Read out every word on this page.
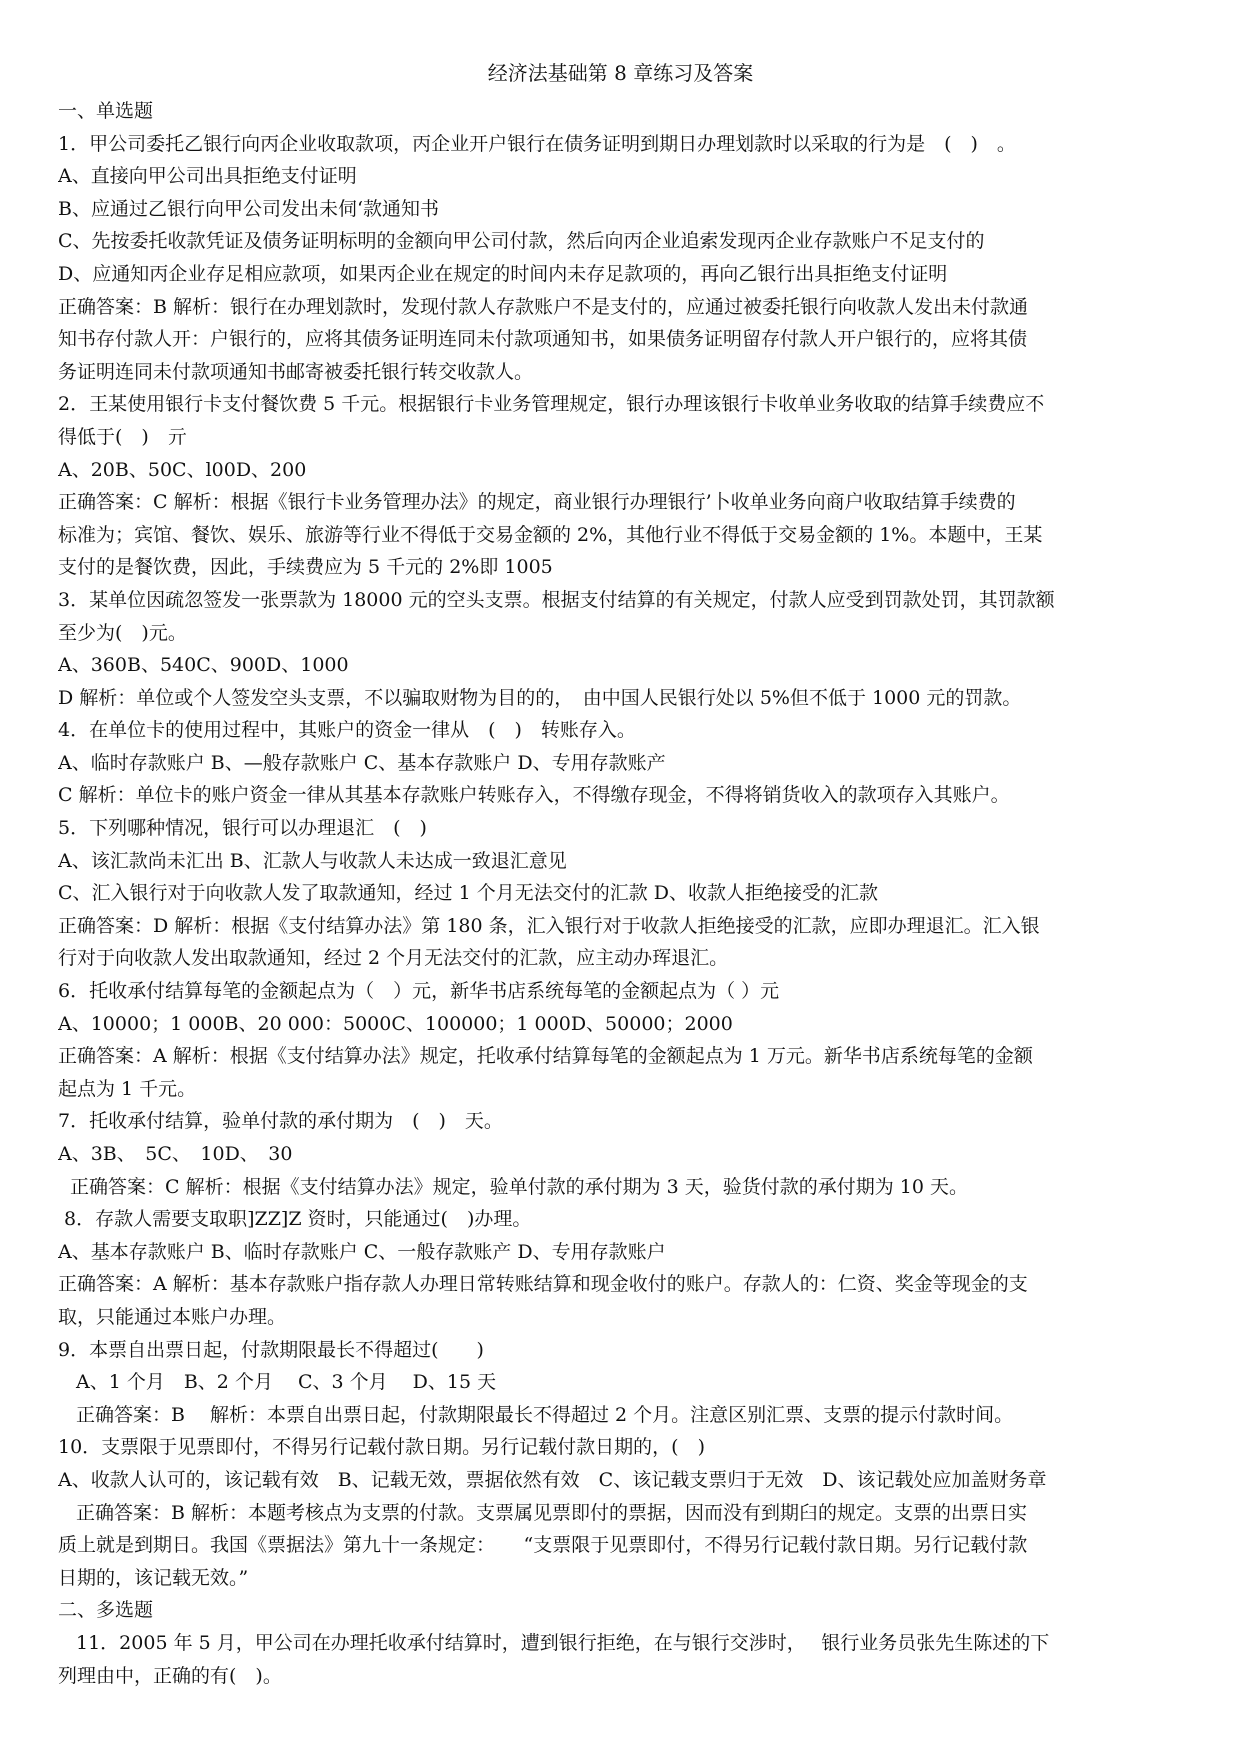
经济法基础第 8 章练习及答案
一、单选题
1．甲公司委托乙银行向丙企业收取款项，丙企业开户银行在债务证明到期日办理划款时以采取的行为是　(　)　。
A、直接向甲公司出具拒绝支付证明
B、应通过乙银行向甲公司发出未伺‘款通知书
C、先按委托收款凭证及债务证明标明的金额向甲公司付款，然后向丙企业追索发现丙企业存款账户不足支付的
D、应通知丙企业存足相应款项，如果丙企业在规定的时间内未存足款项的，再向乙银行出具拒绝支付证明
正确答案：B 解析：银行在办理划款时，发现付款人存款账户不是支付的，应通过被委托银行向收款人发出未付款通
知书存付款人开：户银行的，应将其债务证明连同未付款项通知书，如果债务证明留存付款人开户银行的，应将其债
务证明连同未付款项通知书邮寄被委托银行转交收款人。
2．王某使用银行卡支付餐饮费 5 千元。根据银行卡业务管理规定，银行办理该银行卡收单业务收取的结算手续费应不
得低于(　)　亓
A、20B、50C、l00D、200
正确答案：C 解析：根据《银行卡业务管理办法》的规定，商业银行办理银行’卜收单业务向商户收取结算手续费的
标准为；宾馆、餐饮、娱乐、旅游等行业不得低于交易金额的 2%，其他行业不得低于交易金额的 1%。本题中，王某
支付的是餐饮费，因此，手续费应为 5 千元的 2%即 1005
3．某单位因疏忽签发一张票款为 18000 元的空头支票。根据支付结算的有关规定，付款人应受到罚款处罚，其罚款额
至少为(　)元。
A、360B、540C、900D、1000
D 解析：单位或个人签发空头支票，不以骗取财物为目的的，　由中国人民银行处以 5%但不低于 1000 元的罚款。
4．在单位卡的使用过程中，其账户的资金一律从　(　)　转账存入。
A、临时存款账户 B、—般存款账户 C、基本存款账户 D、专用存款账产
C 解析：单位卡的账户资金一律从其基本存款账户转账存入，不得缴存现金，不得将销货收入的款项存入其账户。
5．下列哪种情况，银行可以办理退汇　(　)
A、该汇款尚未汇出 B、汇款人与收款人未达成一致退汇意见
C、汇入银行对于向收款人发了取款通知，经过 1 个月无法交付的汇款 D、收款人拒绝接受的汇款
正确答案：D 解析：根据《支付结算办法》第 180 条，汇入银行对于收款人拒绝接受的汇款，应即办理退汇。汇入银
行对于向收款人发出取款通知，经过 2 个月无法交付的汇款，应主动办珲退汇。
6．托收承付结算每笔的金额起点为（　）元，新华书店系统每笔的金额起点为（ ）元
A、10000；1 000B、20 000：5000C、100000；1 000D、50000；2000
正确答案：A 解析：根据《支付结算办法》规定，托收承付结算每笔的金额起点为 1 万元。新华书店系统每笔的金额
起点为 1 千元。
7．托收承付结算，验单付款的承付期为　(　)　天。
A、3B、　5C、　10D、　30
正确答案：C 解析：根据《支付结算办法》规定，验单付款的承付期为 3 天，验货付款的承付期为 10 天。
8．存款人需要支取职]ZZ]Z 资时，只能通过(　)办理。
A、基本存款账户 B、临时存款账户 C、一般存款账产 D、专用存款账户
正确答案：A 解析：基本存款账户指存款人办理日常转账结算和现金收付的账户。存款人的：仁资、奖金等现金的支
取，只能通过本账户办理。
9．本票自出票日起，付款期限最长不得超过(　　)
A、1 个月　B、2 个月　 C、3 个月　 D、15 天
正确答案：B　 解析：本票自出票日起，付款期限最长不得超过 2 个月。注意区别汇票、支票的提示付款时间。
10．支票限于见票即付，不得另行记载付款日期。另行记载付款日期的，(　)
A、收款人认可的，该记载有效　B、记载无效，票据依然有效　C、该记载支票归于无效　D、该记载处应加盖财务章
正确答案：B 解析：本题考核点为支票的付款。支票属见票即付的票据，因而没有到期臼的规定。支票的出票日实
质上就是到期日。我国《票据法》第九十一条规定：　　“支票限于见票即付，不得另行记载付款日期。另行记载付款
日期的，该记载无效。”
二、多选题
11．2005 年 5 月，甲公司在办理托收承付结算时，遭到银行拒绝，在与银行交涉时，　 银行业务员张先生陈述的下
列理由中，正确的有(　)。
